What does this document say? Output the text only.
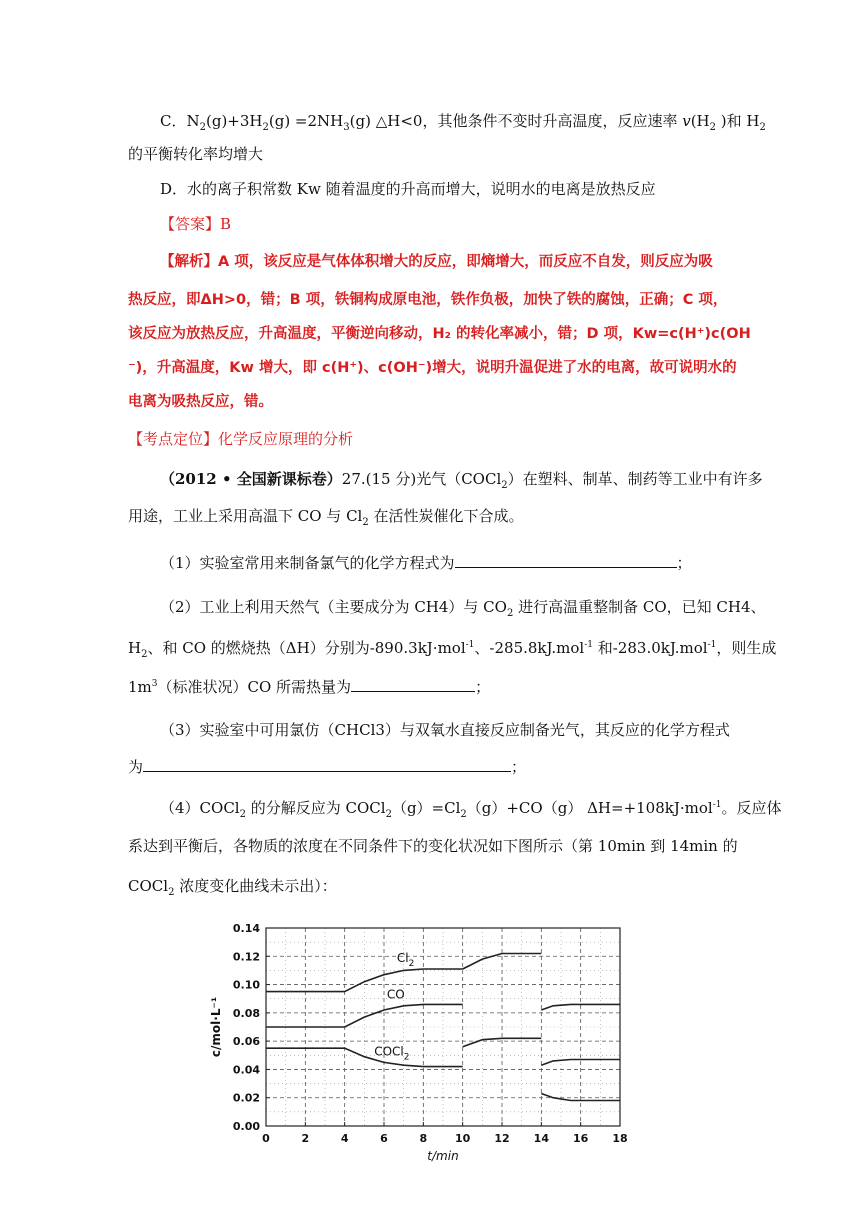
C．$N_2(g)+3H_2(g) =2NH_3(g)$ △H<0，其他条件不变时升高温度，反应速率 $v(H_2$ )和 $H_2$
的平衡转化率均增大
D．水的离子积常数 Kw 随着温度的升高而增大，说明水的电离是放热反应
【答案】B
【解析】A 项，该反应是气体体积增大的反应，即熵增大，而反应不自发，则反应为吸
热反应，即ΔH>0，错；B 项，铁铜构成原电池，铁作负极，加快了铁的腐蚀，正确；C 项，
该反应为放热反应，升高温度，平衡逆向移动，H₂ 的转化率减小，错；D 项，Kw=c(H⁺)c(OH
⁻)，升高温度，Kw 增大，即 c(H⁺)、c(OH⁻)增大，说明升温促进了水的电离，故可说明水的
电离为吸热反应，错。
【考点定位】化学反应原理的分析
（2012 • 全国新课标卷）27.(15 分)光气（COCl$_2$）在塑料、制革、制药等工业中有许多
用途，工业上采用高温下 CO 与 $Cl_2$ 在活性炭催化下合成。
（1）实验室常用来制备氯气的化学方程式为	；
（2）工业上利用天然气（主要成分为 CH4）与 $CO_2$ 进行高温重整制备 CO，已知 CH4、
$H_2$、和 CO 的燃烧热（ΔH）分别为-890.3kJ·mol$^{-1}$、-285.8kJ.mol$^{-1}$ 和-283.0kJ.mol$^{-1}$，则生成
$1m^3$（标准状况）CO 所需热量为	；
（3）实验室中可用氯仿（CHCl3）与双氧水直接反应制备光气，其反应的化学方程式
为	；
（4）COCl$_2$ 的分解反应为 $COCl_2(g)=Cl_2(g)+CO(g)$ ΔH=+108kJ·mol$^{-1}$。反应体
系达到平衡后，各物质的浓度在不同条件下的变化状况如下图所示（第 10min 到 14min 的
COCl$_2$ 浓度变化曲线未示出）：
0	2	4	6	8	10 12 14 16 18
0.00
0.02
0.04
0.06
0.08
0.10
0.12
0.14
$Cl_2$
CO
COCl$_2$
t/min
c/mol·L⁻¹
